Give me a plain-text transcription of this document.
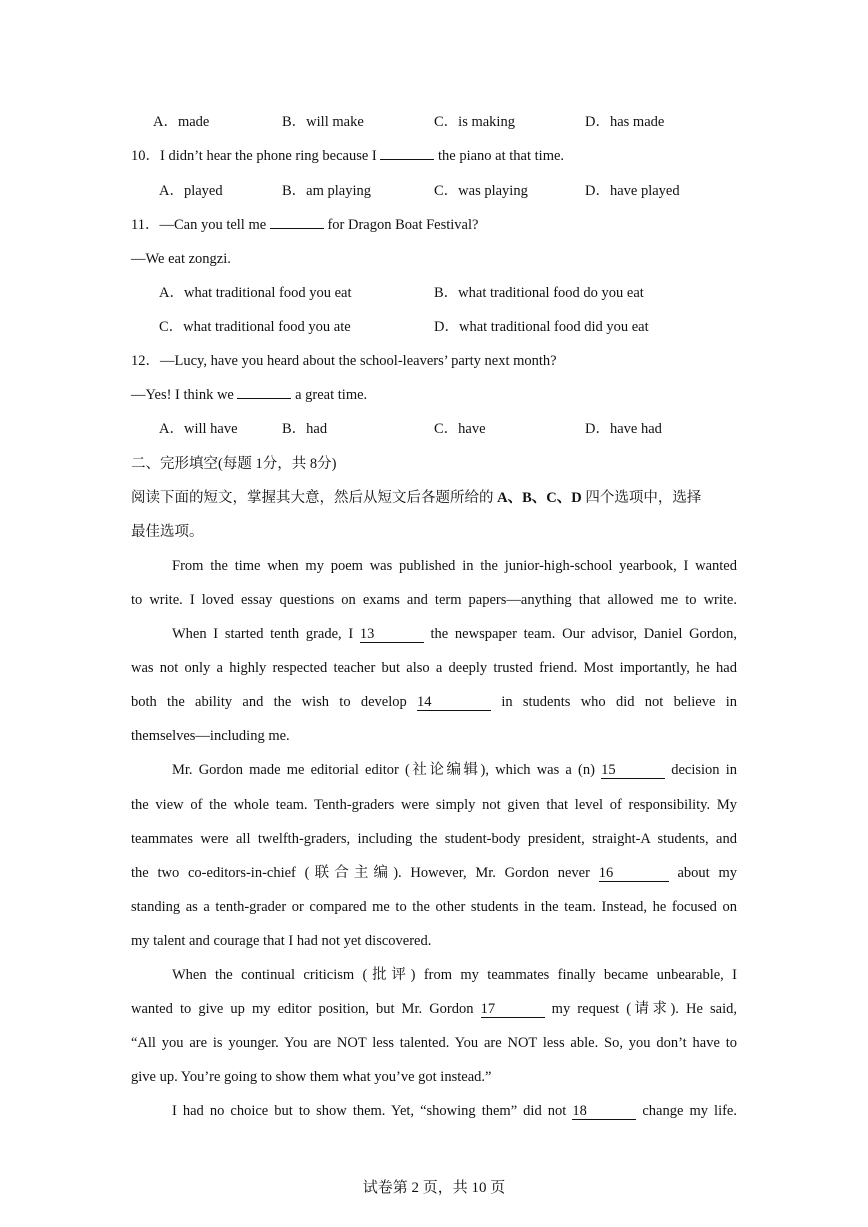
A．made	B．will make	C．is making	D．has made
10．I didn’t hear the phone ring because I	the piano at that time.
A．played	B．am playing	C．was playing	D．have played
11．—Can you tell me	for Dragon Boat Festival?
—We eat zongzi.
A．what traditional food you eat	B．what traditional food do you eat
C．what traditional food you ate	D．what traditional food did you eat
12．—Lucy, have you heard about the school-leavers’ party next month?
—Yes! I think we	a great time.
A．will have	B．had	C．have	D．have had
二、完形填空(每题 1分，共 8分)
阅读下面的短文，掌握其大意，然后从短文后各题所给的 A、B、C、D 四个选项中，选择
最佳选项。
From the time when my poem was published in the junior-high-school yearbook, I wanted
to write. I loved essay questions on exams and term papers—anything that allowed me to write.
When I started tenth grade, I 13	the newspaper team. Our advisor, Daniel Gordon,
was not only a highly respected teacher but also a deeply trusted friend. Most importantly, he had
both the ability and the wish to develop 14	in students who did not believe in
themselves—including me.
Mr. Gordon made me editorial editor (社论编辑), which was a (n) 15	decision in
the view of the whole team. Tenth-graders were simply not given that level of responsibility. My
teammates were all twelfth-graders, including the student-body president, straight-A students, and
the two co-editors-in-chief (联合主编). However, Mr. Gordon never 16	about my
standing as a tenth-grader or compared me to the other students in the team. Instead, he focused on
my talent and courage that I had not yet discovered.
When the continual criticism (批评) from my teammates finally became unbearable, I
wanted to give up my editor position, but Mr. Gordon 17	my request (请求). He said,
“All you are is younger. You are NOT less talented. You are NOT less able. So, you don’t have to
give up. You’re going to show them what you’ve got instead.”
I had no choice but to show them. Yet, “showing them” did not 18	change my life.
试卷第 2 页，共 10 页
